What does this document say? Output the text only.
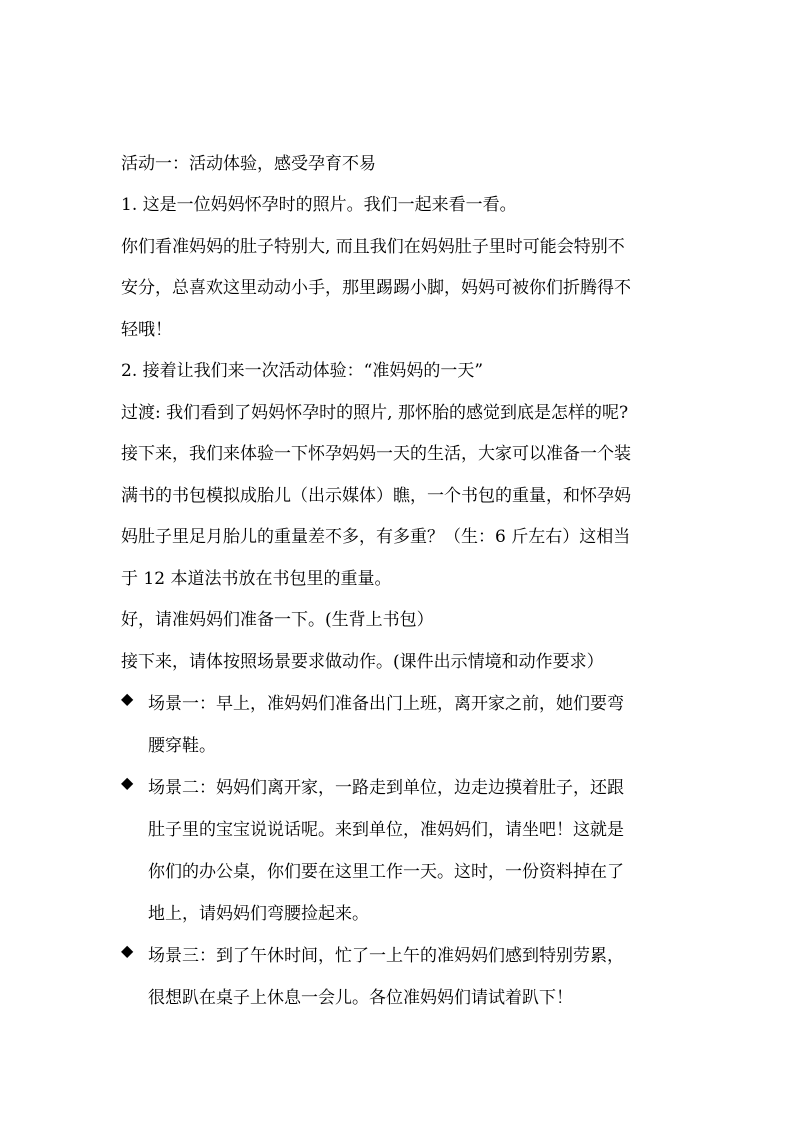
活动一：活动体验，感受孕育不易
1. 这是一位妈妈怀孕时的照片。我们一起来看一看。
你们看准妈妈的肚子特别大, 而且我们在妈妈肚子里时可能会特别不
安分，总喜欢这里动动小手，那里踢踢小脚，妈妈可被你们折腾得不
轻哦！
2. 接着让我们来一次活动体验：“准妈妈的一天”
过渡: 我们看到了妈妈怀孕时的照片, 那怀胎的感觉到底是怎样的呢?
接下来，我们来体验一下怀孕妈妈一天的生活，大家可以准备一个装
满书的书包模拟成胎儿（出示媒体）瞧，一个书包的重量，和怀孕妈
妈肚子里足月胎儿的重量差不多，有多重？（生：6 斤左右）这相当
于 12 本道法书放在书包里的重量。
好，请准妈妈们准备一下。(生背上书包）
接下来，请体按照场景要求做动作。(课件出示情境和动作要求）
◆ 场景一：早上，准妈妈们准备出门上班，离开家之前，她们要弯
腰穿鞋。
◆ 场景二：妈妈们离开家，一路走到单位，边走边摸着肚子，还跟
肚子里的宝宝说说话呢。来到单位，准妈妈们，请坐吧！这就是
你们的办公桌，你们要在这里工作一天。这时，一份资料掉在了
地上，请妈妈们弯腰捡起来。
◆ 场景三：到了午休时间，忙了一上午的准妈妈们感到特别劳累，
很想趴在桌子上休息一会儿。各位准妈妈们请试着趴下！
